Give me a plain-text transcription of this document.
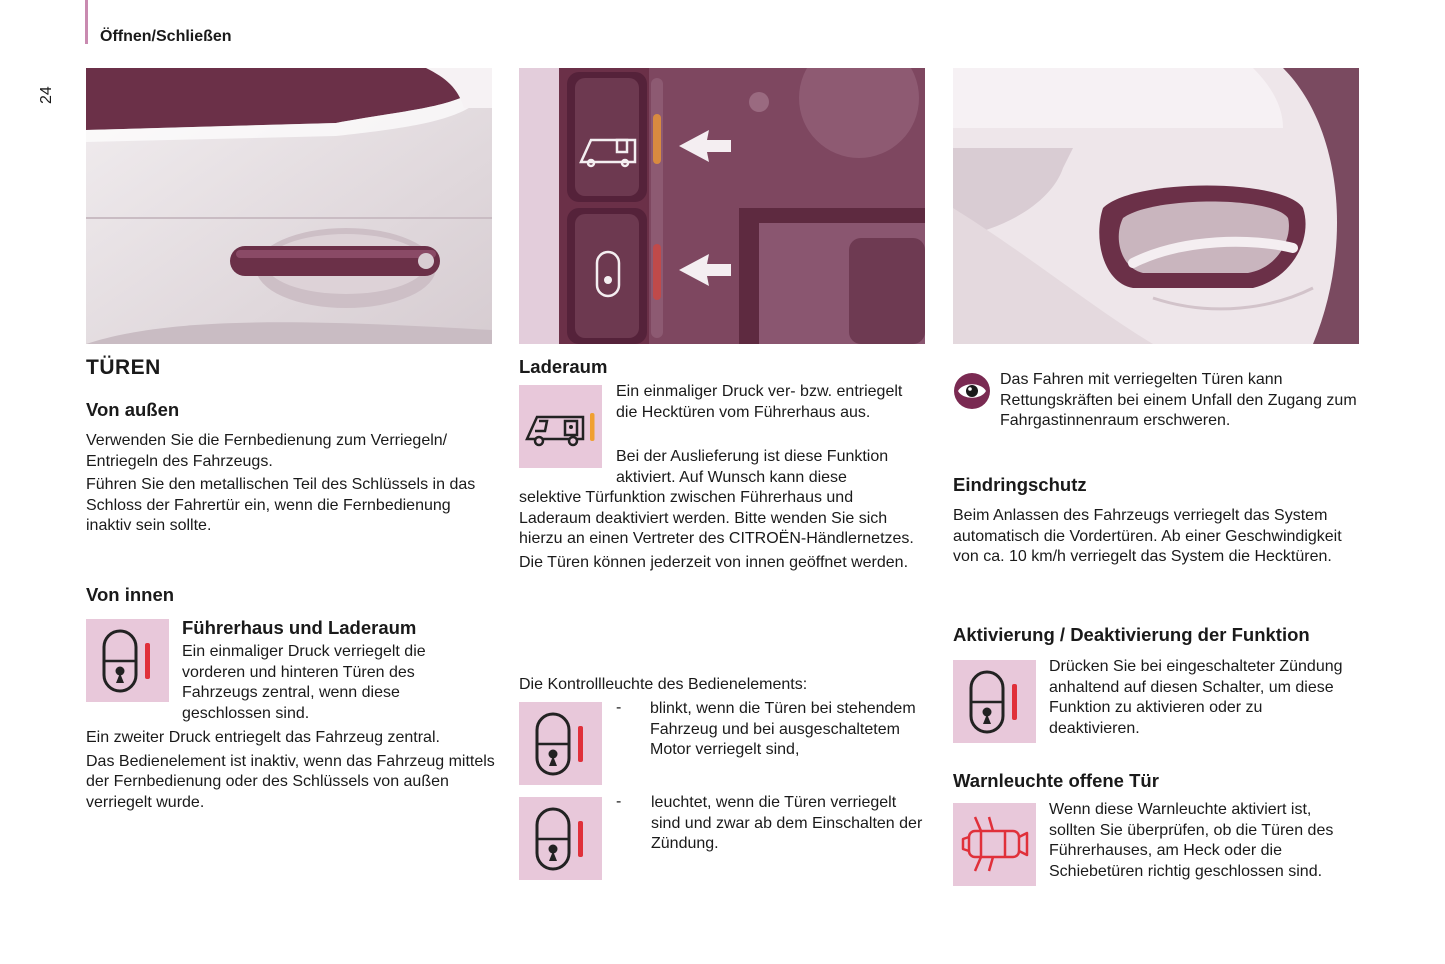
Öffnen/Schließen
24
TÜREN
Von außen

Verwenden Sie die Fernbedienung zum Verriegeln/ Entriegeln des Fahrzeugs.

Führen Sie den metallischen Teil des Schlüssels in das Schloss der Fahrertür ein, wenn die Fernbedienung inaktiv sein sollte.

Von innen
Führerhaus und Laderaum

Ein einmaliger Druck verriegelt die vorderen und hinteren Türen des Fahrzeugs zentral, wenn diese geschlossen sind.

Ein zweiter Druck entriegelt das Fahrzeug zentral.

Das Bedienelement ist inaktiv, wenn das Fahrzeug mittels der Fernbedienung oder des Schlüssels von außen verriegelt wurde.

Laderaum

Ein einmaliger Druck ver- bzw. entriegelt die Hecktüren vom Führerhaus aus.

Bei der Auslieferung ist diese Funktion aktiviert. Auf Wunsch kann diese

selektive Türfunktion zwischen Führerhaus und Laderaum deaktiviert werden. Bitte wenden Sie sich hierzu an einen Vertreter des CITROËN-Händlernetzes.

Die Türen können jederzeit von innen geöffnet werden.

Die Kontrollleuchte des Bedienelements:

- blinkt, wenn die Türen bei stehendem Fahrzeug und bei ausgeschaltetem Motor verriegelt sind,

- leuchtet, wenn die Türen verriegelt sind und zwar ab dem Einschalten der Zündung.

Das Fahren mit verriegelten Türen kann Rettungskräften bei einem Unfall den Zugang zum Fahrgastinnenraum erschweren.

Eindringschutz

Beim Anlassen des Fahrzeugs verriegelt das System automatisch die Vordertüren. Ab einer Geschwindigkeit von ca. 10 km/h verriegelt das System die Hecktüren.

Aktivierung / Deaktivierung der Funktion

Drücken Sie bei eingeschalteter Zündung anhaltend auf diesen Schalter, um diese Funktion zu aktivieren oder zu deaktivieren.

Warnleuchte offene Tür

Wenn diese Warnleuchte aktiviert ist, sollten Sie überprüfen, ob die Türen des Führerhauses, am Heck oder die Schiebetüren richtig geschlossen sind.
